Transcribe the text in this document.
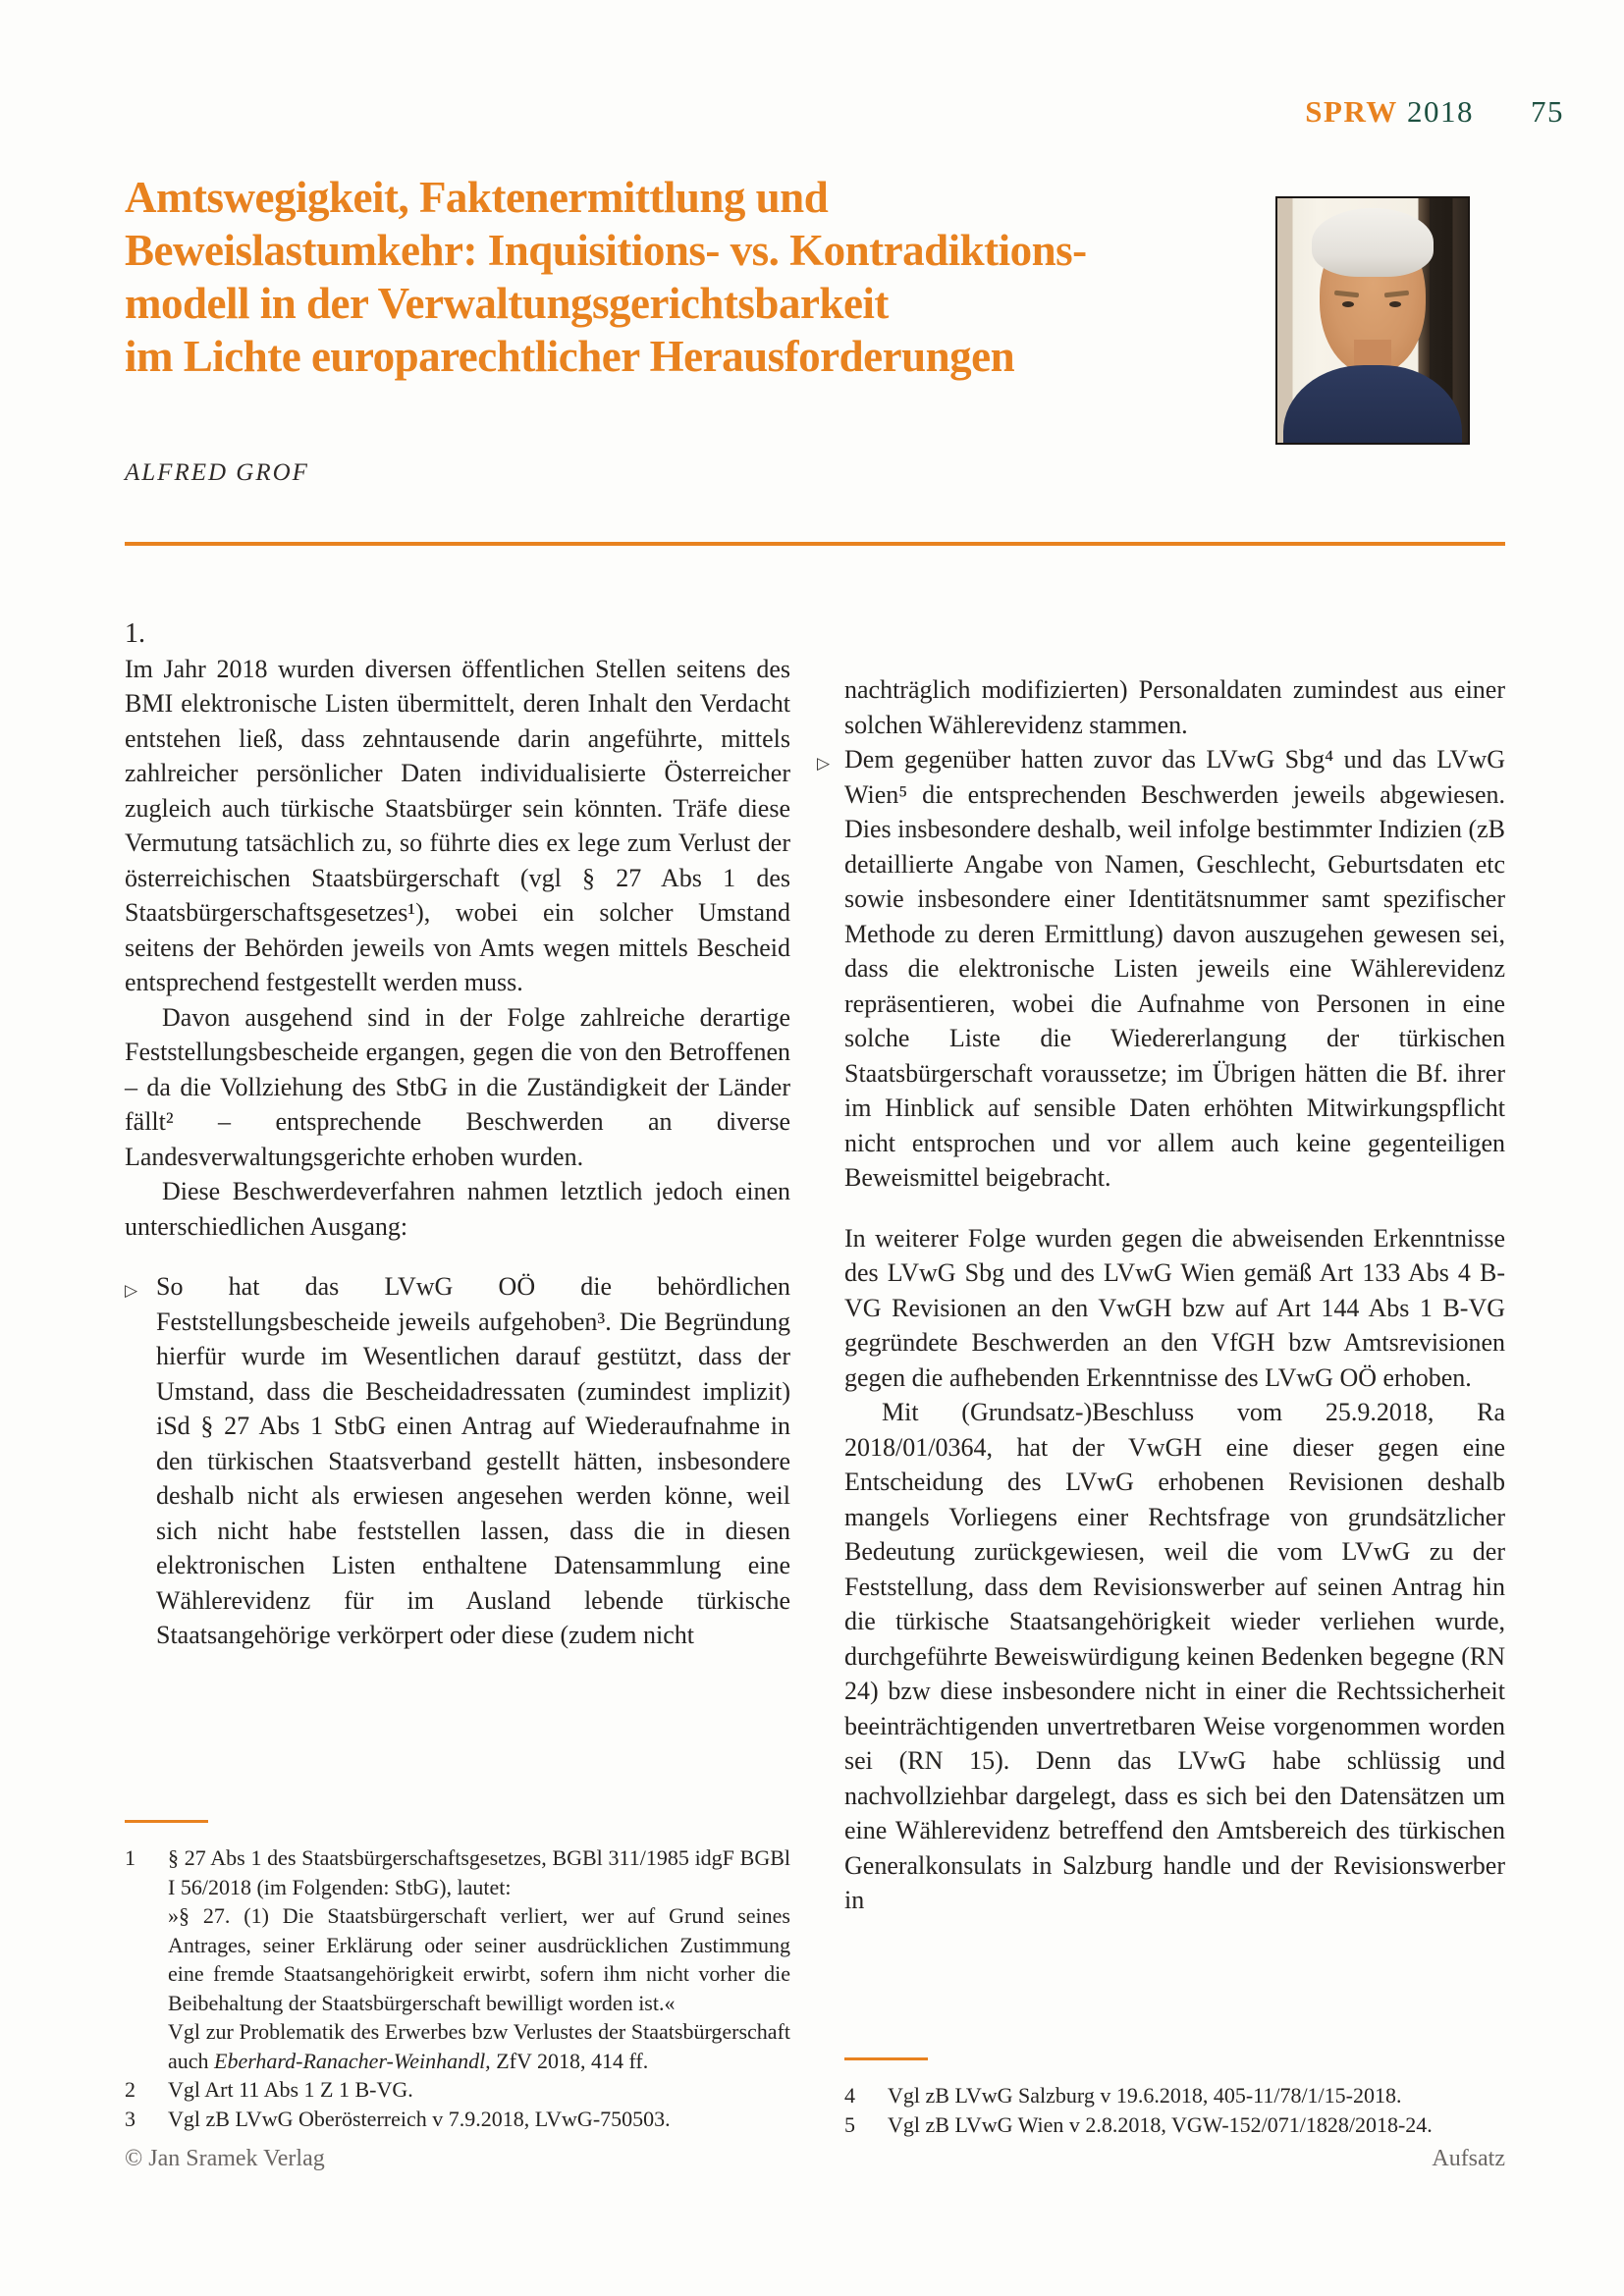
SPRW 2018 75
Amtswegigkeit, Faktenermittlung und
Beweislastumkehr: Inquisitions- vs. Kontradiktions-
modell in der Verwaltungsgerichtsbarkeit
im Lichte europarechtlicher Herausforderungen
ALFRED GROF

1.

Im Jahr 2018 wurden diversen öffentlichen Stellen seitens des BMI elektronische Listen übermittelt, deren Inhalt den Verdacht entstehen ließ, dass zehntausende darin angeführte, mittels zahlreicher persönlicher Daten individualisierte Österreicher zugleich auch türkische Staatsbürger sein könnten. Träfe diese Vermutung tatsächlich zu, so führte dies ex lege zum Verlust der österreichischen Staatsbürgerschaft (vgl § 27 Abs 1 des Staatsbürgerschaftsgesetzes¹), wobei ein solcher Umstand seitens der Behörden jeweils von Amts wegen mittels Bescheid entsprechend festgestellt werden muss.

Davon ausgehend sind in der Folge zahlreiche derartige Feststellungsbescheide ergangen, gegen die von den Betroffenen – da die Vollziehung des StbG in die Zuständigkeit der Länder fällt² – entsprechende Beschwerden an diverse Landesverwaltungsgerichte erhoben wurden.

Diese Beschwerdeverfahren nahmen letztlich jedoch einen unterschiedlichen Ausgang:

▷ So hat das LVwG OÖ die behördlichen Feststellungsbescheide jeweils aufgehoben³. Die Begründung hierfür wurde im Wesentlichen darauf gestützt, dass der Umstand, dass die Bescheidadressaten (zumindest implizit) iSd § 27 Abs 1 StbG einen Antrag auf Wiederaufnahme in den türkischen Staatsverband gestellt hätten, insbesondere deshalb nicht als erwiesen angesehen werden könne, weil sich nicht habe feststellen lassen, dass die in diesen elektronischen Listen enthaltene Datensammlung eine Wählerevidenz für im Ausland lebende türkische Staatsangehörige verkörpert oder diese (zudem nicht

1	§ 27 Abs 1 des Staatsbürgerschaftsgesetzes, BGBl 311/1985 idgF BGBl I 56/2018 (im Folgenden: StbG), lautet:
»§ 27. (1) Die Staatsbürgerschaft verliert, wer auf Grund seines Antrages, seiner Erklärung oder seiner ausdrücklichen Zustimmung eine fremde Staatsangehörigkeit erwirbt, sofern ihm nicht vorher die Beibehaltung der Staatsbürgerschaft bewilligt worden ist.«
Vgl zur Problematik des Erwerbes bzw Verlustes der Staatsbürgerschaft auch Eberhard-Ranacher-Weinhandl, ZfV 2018, 414 ff.
2	Vgl Art 11 Abs 1 Z 1 B-VG.
3	Vgl zB LVwG Oberösterreich v 7.9.2018, LVwG-750503.

nachträglich modifizierten) Personaldaten zumindest aus einer solchen Wählerevidenz stammen.

▷ Dem gegenüber hatten zuvor das LVwG Sbg⁴ und das LVwG Wien⁵ die entsprechenden Beschwerden jeweils abgewiesen. Dies insbesondere deshalb, weil infolge bestimmter Indizien (zB detaillierte Angabe von Namen, Geschlecht, Geburtsdaten etc sowie insbesondere einer Identitätsnummer samt spezifischer Methode zu deren Ermittlung) davon auszugehen gewesen sei, dass die elektronische Listen jeweils eine Wählerevidenz repräsentieren, wobei die Aufnahme von Personen in eine solche Liste die Wiedererlangung der türkischen Staatsbürgerschaft voraussetze; im Übrigen hätten die Bf. ihrer im Hinblick auf sensible Daten erhöhten Mitwirkungspflicht nicht entsprochen und vor allem auch keine gegenteiligen Beweismittel beigebracht.

In weiterer Folge wurden gegen die abweisenden Erkenntnisse des LVwG Sbg und des LVwG Wien gemäß Art 133 Abs 4 B-VG Revisionen an den VwGH bzw auf Art 144 Abs 1 B-VG gegründete Beschwerden an den VfGH bzw Amtsrevisionen gegen die aufhebenden Erkenntnisse des LVwG OÖ erhoben.

Mit (Grundsatz-)Beschluss vom 25.9.2018, Ra 2018/01/0364, hat der VwGH eine dieser gegen eine Entscheidung des LVwG erhobenen Revisionen deshalb mangels Vorliegens einer Rechtsfrage von grundsätzlicher Bedeutung zurückgewiesen, weil die vom LVwG zu der Feststellung, dass dem Revisionswerber auf seinen Antrag hin die türkische Staatsangehörigkeit wieder verliehen wurde, durchgeführte Beweiswürdigung keinen Bedenken begegne (RN 24) bzw diese insbesondere nicht in einer die Rechtssicherheit beeinträchtigenden unvertretbaren Weise vorgenommen worden sei (RN 15). Denn das LVwG habe schlüssig und nachvollziehbar dargelegt, dass es sich bei den Datensätzen um eine Wählerevidenz betreffend den Amtsbereich des türkischen Generalkonsulats in Salzburg handle und der Revisionswerber in

4	Vgl zB LVwG Salzburg v 19.6.2018, 405-11/78/1/15-2018.
5	Vgl zB LVwG Wien v 2.8.2018, VGW-152/071/1828/2018-24.
© Jan Sramek Verlag	Aufsatz
